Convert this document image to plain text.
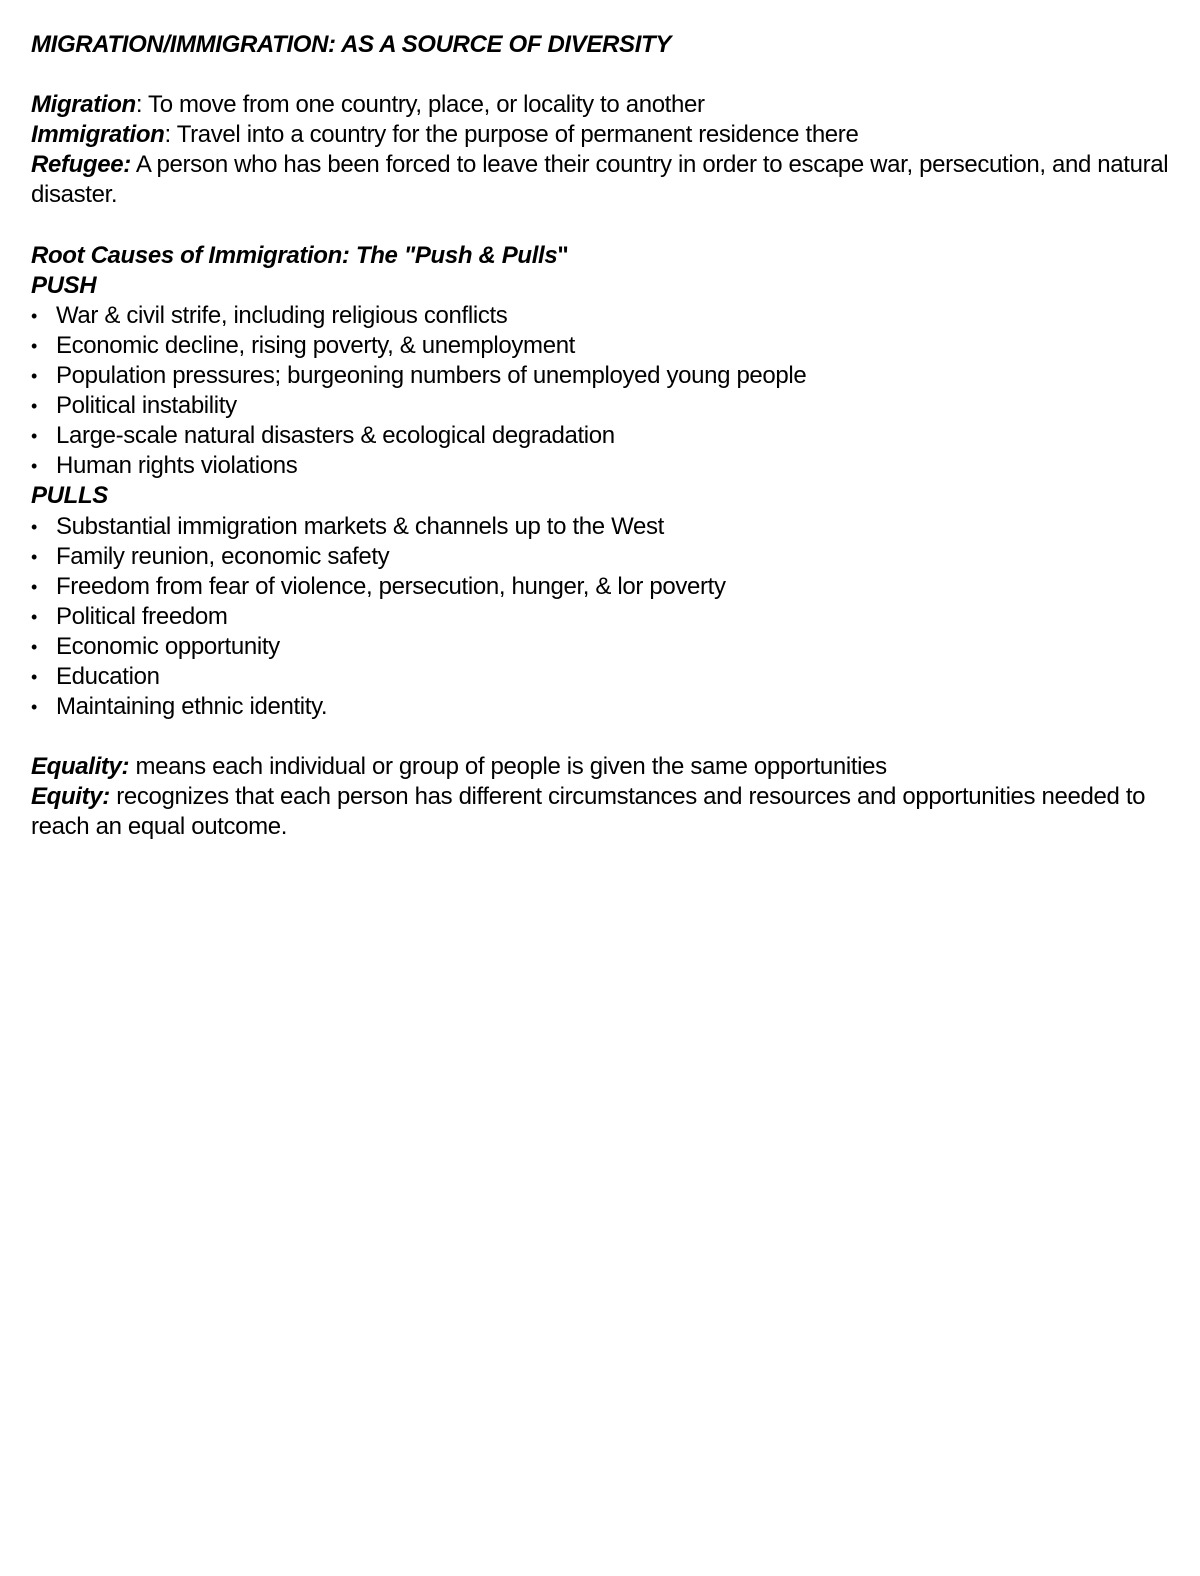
MIGRATION/IMMIGRATION: AS A SOURCE OF DIVERSITY

Migration: To move from one country, place, or locality to another

Immigration: Travel into a country for the purpose of permanent residence there

Refugee: A person who has been forced to leave their country in order to escape war, persecution, and natural disaster.

Root Causes of Immigration: The "Push & Pulls"

PUSH

• War & civil strife, including religious conflicts
• Economic decline, rising poverty, & unemployment
• Population pressures; burgeoning numbers of unemployed young people
• Political instability
• Large-scale natural disasters & ecological degradation
• Human rights violations

PULLS

• Substantial immigration markets & channels up to the West
• Family reunion, economic safety
• Freedom from fear of violence, persecution, hunger, & lor poverty
• Political freedom
• Economic opportunity
• Education
• Maintaining ethnic identity.

Equality: means each individual or group of people is given the same opportunities

Equity: recognizes that each person has different circumstances and resources and opportunities needed to reach an equal outcome.
